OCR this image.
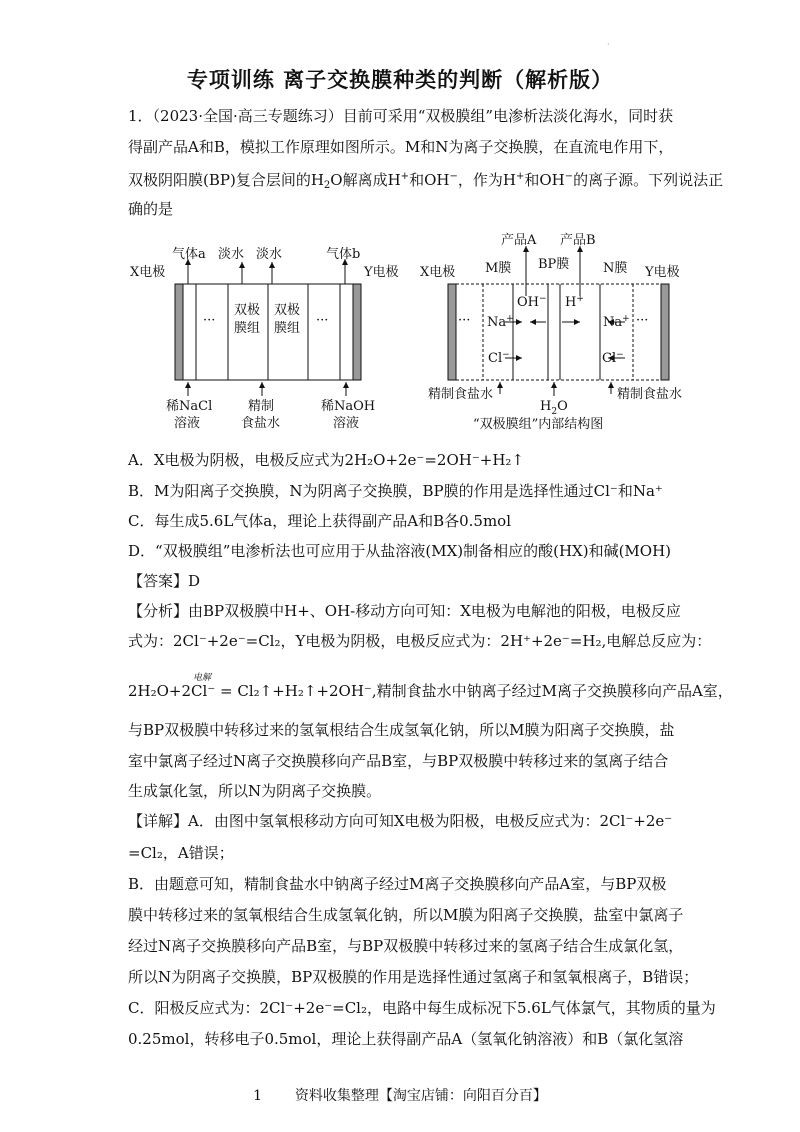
·
专项训练 离子交换膜种类的判断（解析版）
1．（2023·全国·高三专题练习）目前可采用“双极膜组”电渗析法淡化海水，同时获
得副产品A和B，模拟工作原理如图所示。M和N为离子交换膜，在直流电作用下，
双极阴阳膜(BP)复合层间的$H_2O$解离成H+和OH−，作为H+和OH−的离子源。下列说法正
确的是
···	···
双极
膜组
双极
膜组
X电极	Y电极
气体a 淡水 淡水	气体b
稀NaCl
溶液
精制
食盐水
稀NaOH
溶液
···	···
X电极 M膜 BP膜	N膜 Y电极
产品A 产品B
OH− H+
Na+	Na+
Cl−	Cl−
精制食盐水
$H_2O$
精制食盐水
“双极膜组”内部结构图
A．X电极为阴极，电极反应式为2H₂O+2e⁻=2OH⁻+H₂↑
B．M为阳离子交换膜，N为阴离子交换膜，BP膜的作用是选择性通过Cl⁻和Na⁺
C．每生成5.6L气体a，理论上获得副产品A和B各0.5mol
D．“双极膜组”电渗析法也可应用于从盐溶液(MX)制备相应的酸(HX)和碱(MOH)
【答案】D
【分析】由BP双极膜中H+、OH-移动方向可知：X电极为电解池的阳极，电极反应
式为：2Cl⁻+2e⁻=Cl₂，Y电极为阴极，电极反应式为：2H⁺+2e⁻=H₂,电解总反应为：
电解
2H₂O+2Cl⁻ = Cl₂↑+H₂↑+2OH⁻,精制食盐水中钠离子经过M离子交换膜移向产品A室，
与BP双极膜中转移过来的氢氧根结合生成氢氧化钠，所以M膜为阳离子交换膜，盐
室中氯离子经过N离子交换膜移向产品B室，与BP双极膜中转移过来的氢离子结合
生成氯化氢，所以N为阴离子交换膜。
【详解】A．由图中氢氧根移动方向可知X电极为阳极，电极反应式为：2Cl⁻+2e⁻
=Cl₂，A错误；
B．由题意可知，精制食盐水中钠离子经过M离子交换膜移向产品A室，与BP双极
膜中转移过来的氢氧根结合生成氢氧化钠，所以M膜为阳离子交换膜，盐室中氯离子
经过N离子交换膜移向产品B室，与BP双极膜中转移过来的氢离子结合生成氯化氢，
所以N为阴离子交换膜，BP双极膜的作用是选择性通过氢离子和氢氧根离子，B错误；
C．阳极反应式为：2Cl⁻+2e⁻=Cl₂，电路中每生成标况下5.6L气体氯气，其物质的量为
0.25mol，转移电子0.5mol，理论上获得副产品A（氢氧化钠溶液）和B（氯化氢溶
1 资料收集整理【淘宝店铺：向阳百分百】
